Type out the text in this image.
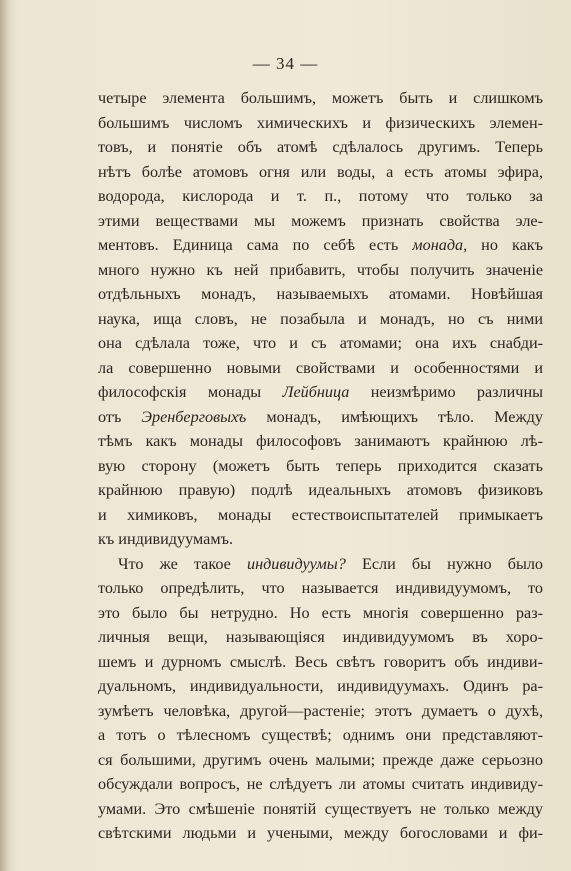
— 34 —
четыре элемента большимъ, можетъ быть и слишкомъ
большимъ числомъ химическихъ и физическихъ элемен-
товъ, и понятіе объ атомѣ сдѣлалось другимъ. Теперь
нѣтъ болѣе атомовъ огня или воды, а есть атомы эфира,
водорода, кислорода и т. п., потому что только за
этими веществами мы можемъ признать свойства эле-
ментовъ. Единица сама по себѣ есть монада, но какъ
много нужно къ ней прибавить, чтобы получить значеніе
отдѣльныхъ монадъ, называемыхъ атомами. Новѣйшая
наука, ища словъ, не позабыла и монадъ, но съ ними
она сдѣлала тоже, что и съ атомами; она ихъ снабди-
ла совершенно новыми свойствами и особенностями и
философскія монады Лейбница неизмѣримо различны
отъ Эренберговыхъ монадъ, имѣющихъ тѣло. Между
тѣмъ какъ монады философовъ занимаютъ крайнюю лѣ-
вую сторону (можетъ быть теперь приходится сказать
крайнюю правую) подлѣ идеальныхъ атомовъ физиковъ
и химиковъ, монады естествоиспытателей примыкаетъ
къ индивидуумамъ.
Что же такое индивидуумы? Если бы нужно было
только опредѣлить, что называется индивидуумомъ, то
это было бы нетрудно. Но есть многія совершенно раз-
личныя вещи, называющіяся индивидуумомъ въ хоро-
шемъ и дурномъ смыслѣ. Весь свѣтъ говоритъ объ индиви-
дуальномъ, индивидуальности, индивидуумахъ. Одинъ ра-
зумѣетъ человѣка, другой—растеніе; этотъ думаетъ о духѣ,
а тотъ о тѣлесномъ существѣ; однимъ они представляют-
ся большими, другимъ очень малыми; прежде даже серьозно
обсуждали вопросъ, не слѣдуетъ ли атомы считать индивиду-
умами. Это смѣшеніе понятій существуетъ не только между
свѣтскими людьми и учеными, между богословами и фи-
